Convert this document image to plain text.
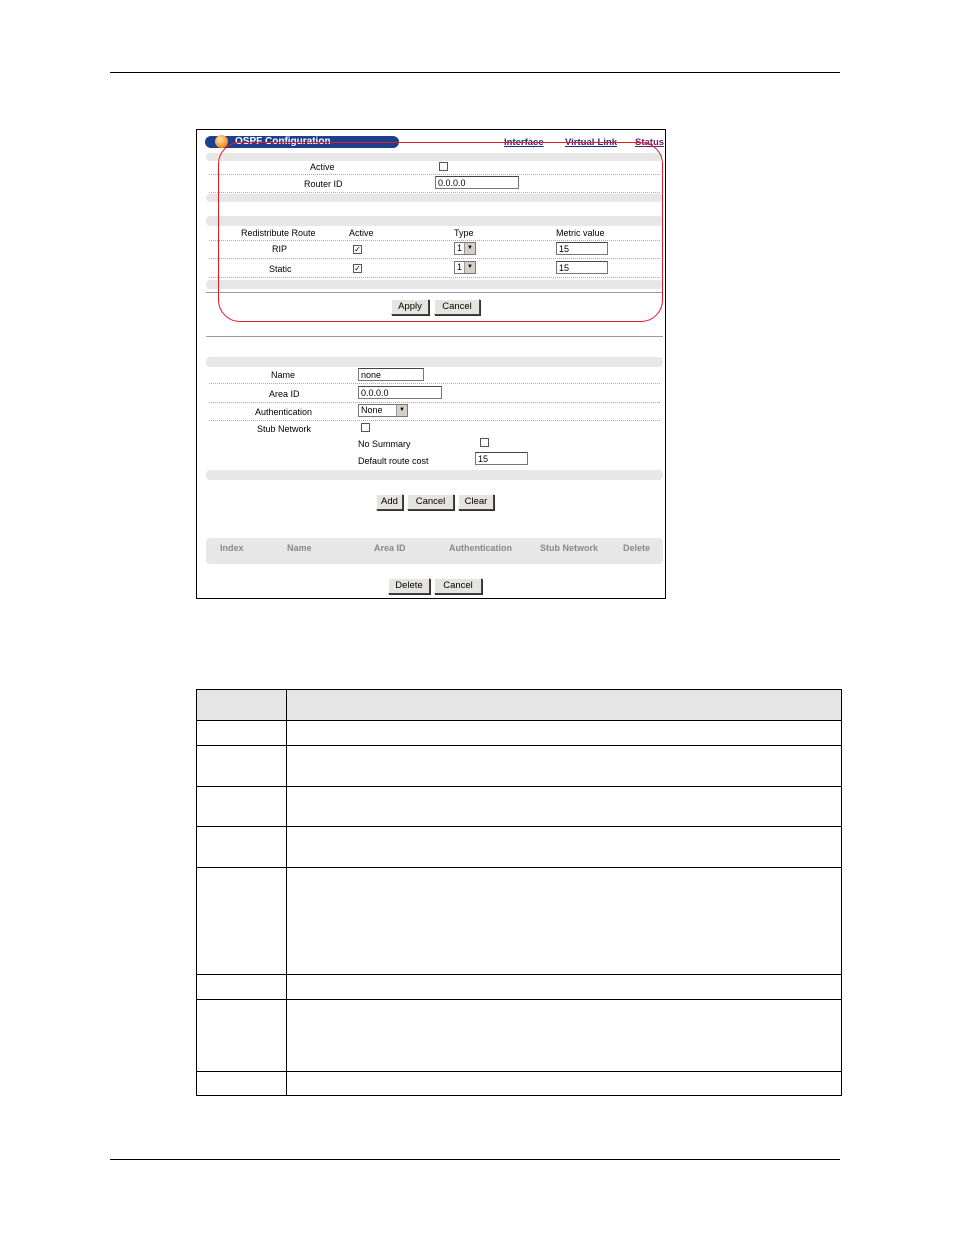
OSPF Configuration	Interface Virtual-Link Status
Active
Router ID	0.0.0.0
Redistribute Route	Active	Type	Metric value
RIP	✓	1 ▼	15
Static	✓	1 ▼	15
Apply	Cancel
Name	none
Area ID	0.0.0.0
Authentication	None	▼
Stub Network
No Summary
Default route cost	15
Add	Cancel	Clear
Index	Name	Area ID	Authentication	Stub Network	Delete
Delete	Cancel
